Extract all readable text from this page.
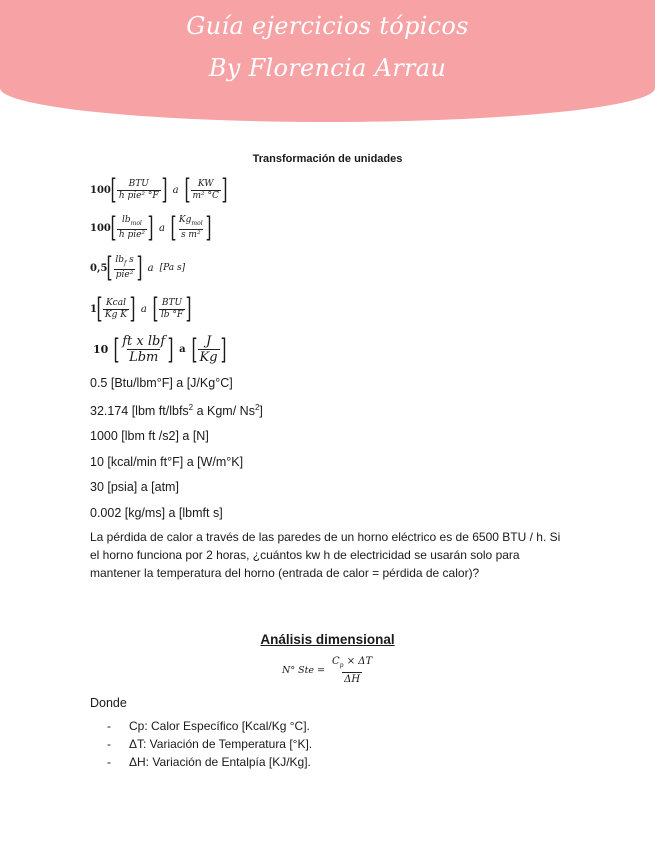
Guía ejercicios tópicos
By Florencia Arrau
Transformación de unidades
100 [ $\frac{\text{BTU}}{\text{h pie² °F}}$ ] a [ $\frac{KW}{\text{m² °C}}$ ]
100 [ $\frac{lb_{mol}}{\text{h pie²}}$ ] a [ $\frac{Kg_{mol}}{\text{s m²}}$ ]
0,5 [ $\frac{lb_f s}{\text{pie²}}$ ] a [Pa s]
1 [ $\frac{\text{Kcal}}{\text{Kg K}}$ ] a [ $\frac{\text{BTU}}{lb ^\circ F}$ ]
10 [ $\frac{\text{ft x lbf}}{\text{Lbm}}$ ] a [ $\frac{J}{Kg}$ ]
0.5 [Btu/lbm°F] a [J/Kg°C]
32.174 [lbm ft/lbfs$^2$ a Kgm/ Ns$^2$]
1000 [lbm ft /s2] a [N]
10 [kcal/min ft°F] a [W/m°K]
30 [psia] a [atm]
0.002 [kg/ms] a [lbmft s]
La pérdida de calor a través de las paredes de un horno eléctrico es de 6500 BTU / h. Si el horno funciona por 2 horas, ¿cuántos kw h de electricidad se usarán solo para mantener la temperatura del horno (entrada de calor = pérdida de calor)?
Análisis dimensional
N° Ste = $\frac{C_p \times \Delta T}{\Delta H}$
Donde
-	Cp: Calor Específico [Kcal/Kg °C].
-	ΔT: Variación de Temperatura [°K].
-	ΔH: Variación de Entalpía [KJ/Kg].
